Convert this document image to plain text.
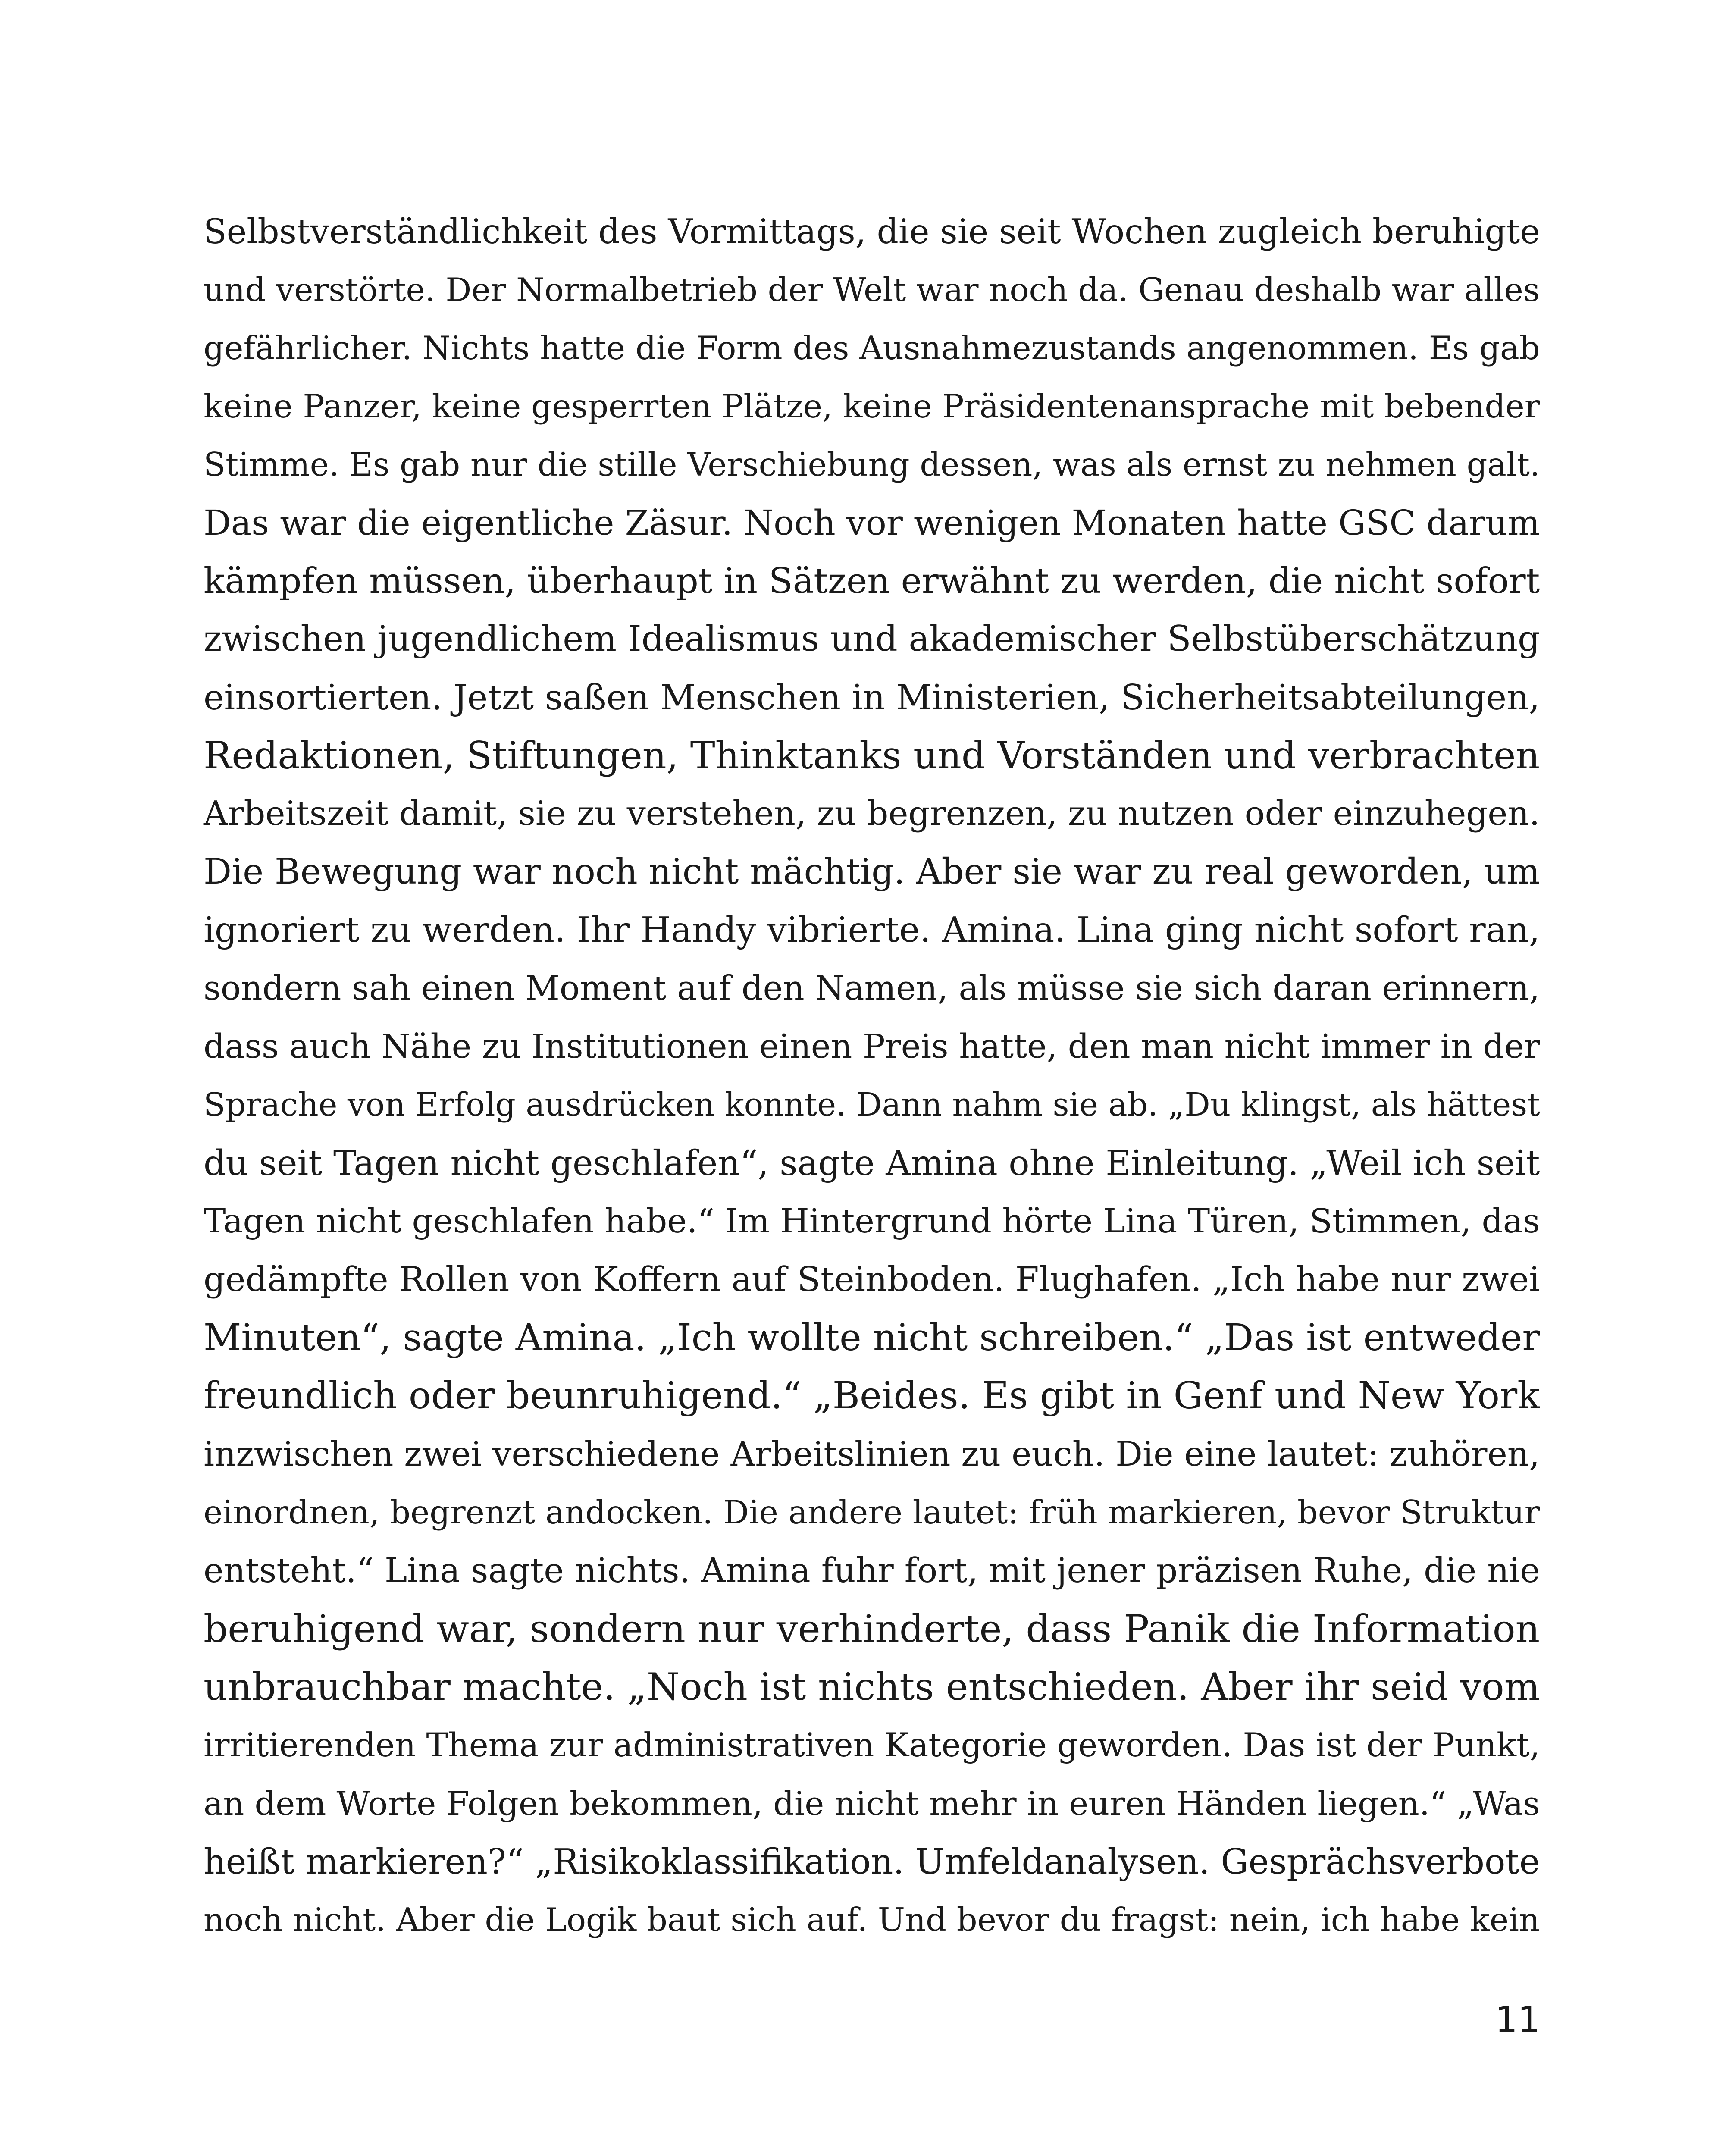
Selbstverständlichkeit des Vormittags, die sie seit Wochen zugleich beruhigte
und verstörte. Der Normalbetrieb der Welt war noch da. Genau deshalb war alles
gefährlicher. Nichts hatte die Form des Ausnahmezustands angenommen. Es gab
keine Panzer, keine gesperrten Plätze, keine Präsidentenansprache mit bebender
Stimme. Es gab nur die stille Verschiebung dessen, was als ernst zu nehmen galt.
Das war die eigentliche Zäsur. Noch vor wenigen Monaten hatte GSC darum
kämpfen müssen, überhaupt in Sätzen erwähnt zu werden, die nicht sofort
zwischen jugendlichem Idealismus und akademischer Selbstüberschätzung
einsortierten. Jetzt saßen Menschen in Ministerien, Sicherheitsabteilungen,
Redaktionen, Stiftungen, Thinktanks und Vorständen und verbrachten
Arbeitszeit damit, sie zu verstehen, zu begrenzen, zu nutzen oder einzuhegen.
Die Bewegung war noch nicht mächtig. Aber sie war zu real geworden, um
ignoriert zu werden. Ihr Handy vibrierte. Amina. Lina ging nicht sofort ran,
sondern sah einen Moment auf den Namen, als müsse sie sich daran erinnern,
dass auch Nähe zu Institutionen einen Preis hatte, den man nicht immer in der
Sprache von Erfolg ausdrücken konnte. Dann nahm sie ab. „Du klingst, als hättest
du seit Tagen nicht geschlafen“, sagte Amina ohne Einleitung. „Weil ich seit
Tagen nicht geschlafen habe.“ Im Hintergrund hörte Lina Türen, Stimmen, das
gedämpfte Rollen von Koffern auf Steinboden. Flughafen. „Ich habe nur zwei
Minuten“, sagte Amina. „Ich wollte nicht schreiben.“ „Das ist entweder
freundlich oder beunruhigend.“ „Beides. Es gibt in Genf und New York
inzwischen zwei verschiedene Arbeitslinien zu euch. Die eine lautet: zuhören,
einordnen, begrenzt andocken. Die andere lautet: früh markieren, bevor Struktur
entsteht.“ Lina sagte nichts. Amina fuhr fort, mit jener präzisen Ruhe, die nie
beruhigend war, sondern nur verhinderte, dass Panik die Information
unbrauchbar machte. „Noch ist nichts entschieden. Aber ihr seid vom
irritierenden Thema zur administrativen Kategorie geworden. Das ist der Punkt,
an dem Worte Folgen bekommen, die nicht mehr in euren Händen liegen.“ „Was
heißt markieren?“ „Risikoklassifikation. Umfeldanalysen. Gesprächsverbote
noch nicht. Aber die Logik baut sich auf. Und bevor du fragst: nein, ich habe kein
11
